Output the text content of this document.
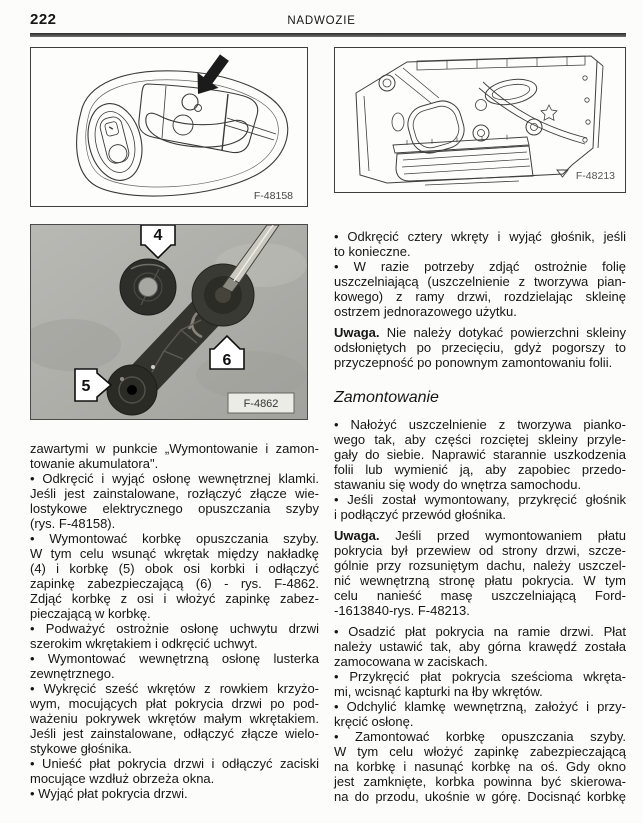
222	NADWOZIE
F-48158
F-48213
4
6
5
F-4862
zawartymi w punkcie „Wymontowanie i zamon-
towanie akumulatora".
• Odkręcić i wyjąć osłonę wewnętrznej klamki.
Jeśli jest zainstalowane, rozłączyć złącze wie-
lostykowe elektrycznego opuszczania szyby
(rys. F-48158).
• Wymontować korbkę opuszczania szyby.
W tym celu wsunąć wkrętak między nakładkę
(4) i korbkę (5) obok osi korbki i odłączyć
zapinkę zabezpieczającą (6) - rys. F-4862.
Zdjąć korbkę z osi i włożyć zapinkę zabez-
pieczającą w korbkę.
• Podważyć ostrożnie osłonę uchwytu drzwi
szerokim wkrętakiem i odkręcić uchwyt.
• Wymontować wewnętrzną osłonę lusterka
zewnętrznego.
• Wykręcić sześć wkrętów z rowkiem krzyżo-
wym, mocujących płat pokrycia drzwi po pod-
ważeniu pokrywek wkrętów małym wkrętakiem.
Jeśli jest zainstalowane, odłączyć złącze wielo-
stykowe głośnika.
• Unieść płat pokrycia drzwi i odłączyć zaciski
mocujące wzdłuż obrzeża okna.
• Wyjąć płat pokrycia drzwi.
• Odkręcić cztery wkręty i wyjąć głośnik, jeśli
to konieczne.
• W razie potrzeby zdjąć ostrożnie folię
uszczelniającą (uszczelnienie z tworzywa pian-
kowego) z ramy drzwi, rozdzielając skleinę
ostrzem jednorazowego użytku.
Uwaga. Nie należy dotykać powierzchni skleiny
odsłoniętych po przecięciu, gdyż pogorszy to
przyczepność po ponownym zamontowaniu folii.
Zamontowanie
• Nałożyć uszczelnienie z tworzywa pianko-
wego tak, aby części rozciętej skleiny przyle-
gały do siebie. Naprawić starannie uszkodzenia
folii lub wymienić ją, aby zapobiec przedo-
stawaniu się wody do wnętrza samochodu.
• Jeśli został wymontowany, przykręcić głośnik
i podłączyć przewód głośnika.
Uwaga. Jeśli przed wymontowaniem płatu
pokrycia był przewiew od strony drzwi, szcze-
gólnie przy rozsuniętym dachu, należy uszczel-
nić wewnętrzną stronę płatu pokrycia. W tym
celu nanieść masę uszczelniającą Ford-
-1613840-rys. F-48213.
• Osadzić płat pokrycia na ramie drzwi. Płat
należy ustawić tak, aby górna krawędź została
zamocowana w zaciskach.
• Przykręcić płat pokrycia sześcioma wkręta-
mi, wcisnąć kapturki na łby wkrętów.
• Odchylić klamkę wewnętrzną, założyć i przy-
kręcić osłonę.
• Zamontować korbkę opuszczania szyby.
W tym celu włożyć zapinkę zabezpieczającą
na korbkę i nasunąć korbkę na oś. Gdy okno
jest zamknięte, korbka powinna być skierowa-
na do przodu, ukośnie w górę. Docisnąć korbkę
